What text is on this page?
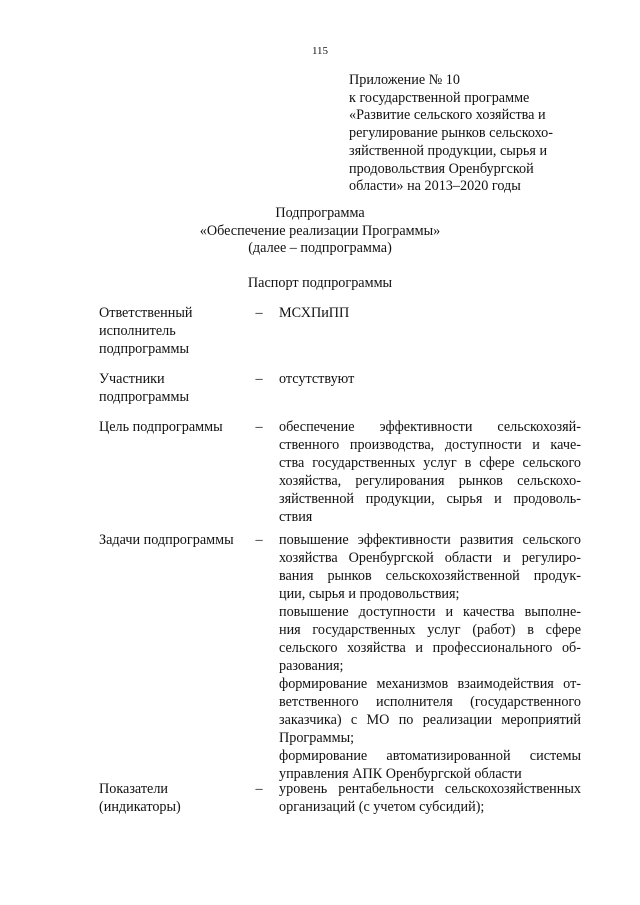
115
Приложение № 10
к государственной программе
«Развитие сельского хозяйства и
регулирование рынков сельскохо-
зяйственной продукции, сырья и
продовольствия Оренбургской
области» на 2013–2020 годы
Подпрограмма
«Обеспечение реализации Программы»
(далее – подпрограмма)
Паспорт подпрограммы
Ответственный
исполнитель
подпрограммы
– МСХПиПП
Участники
подпрограммы
– отсутствуют
Цель подпрограммы	– обеспечение эффективности сельскохозяй-
ственного производства, доступности и каче-
ства государственных услуг в сфере сельского
хозяйства, регулирования рынков сельскохо-
зяйственной продукции, сырья и продоволь-
ствия
Задачи подпрограммы	– повышение эффективности развития сельского
хозяйства Оренбургской области и регулиро-
вания рынков сельскохозяйственной продук-
ции, сырья и продовольствия;
повышение доступности и качества выполне-
ния государственных услуг (работ) в сфере
сельского хозяйства и профессионального об-
разования;
формирование механизмов взаимодействия от-
ветственного исполнителя (государственного
заказчика) с МО по реализации мероприятий
Программы;
формирование автоматизированной системы
управления АПК Оренбургской области
Показатели
(индикаторы)
– уровень рентабельности сельскохозяйственных
организаций (с учетом субсидий);
